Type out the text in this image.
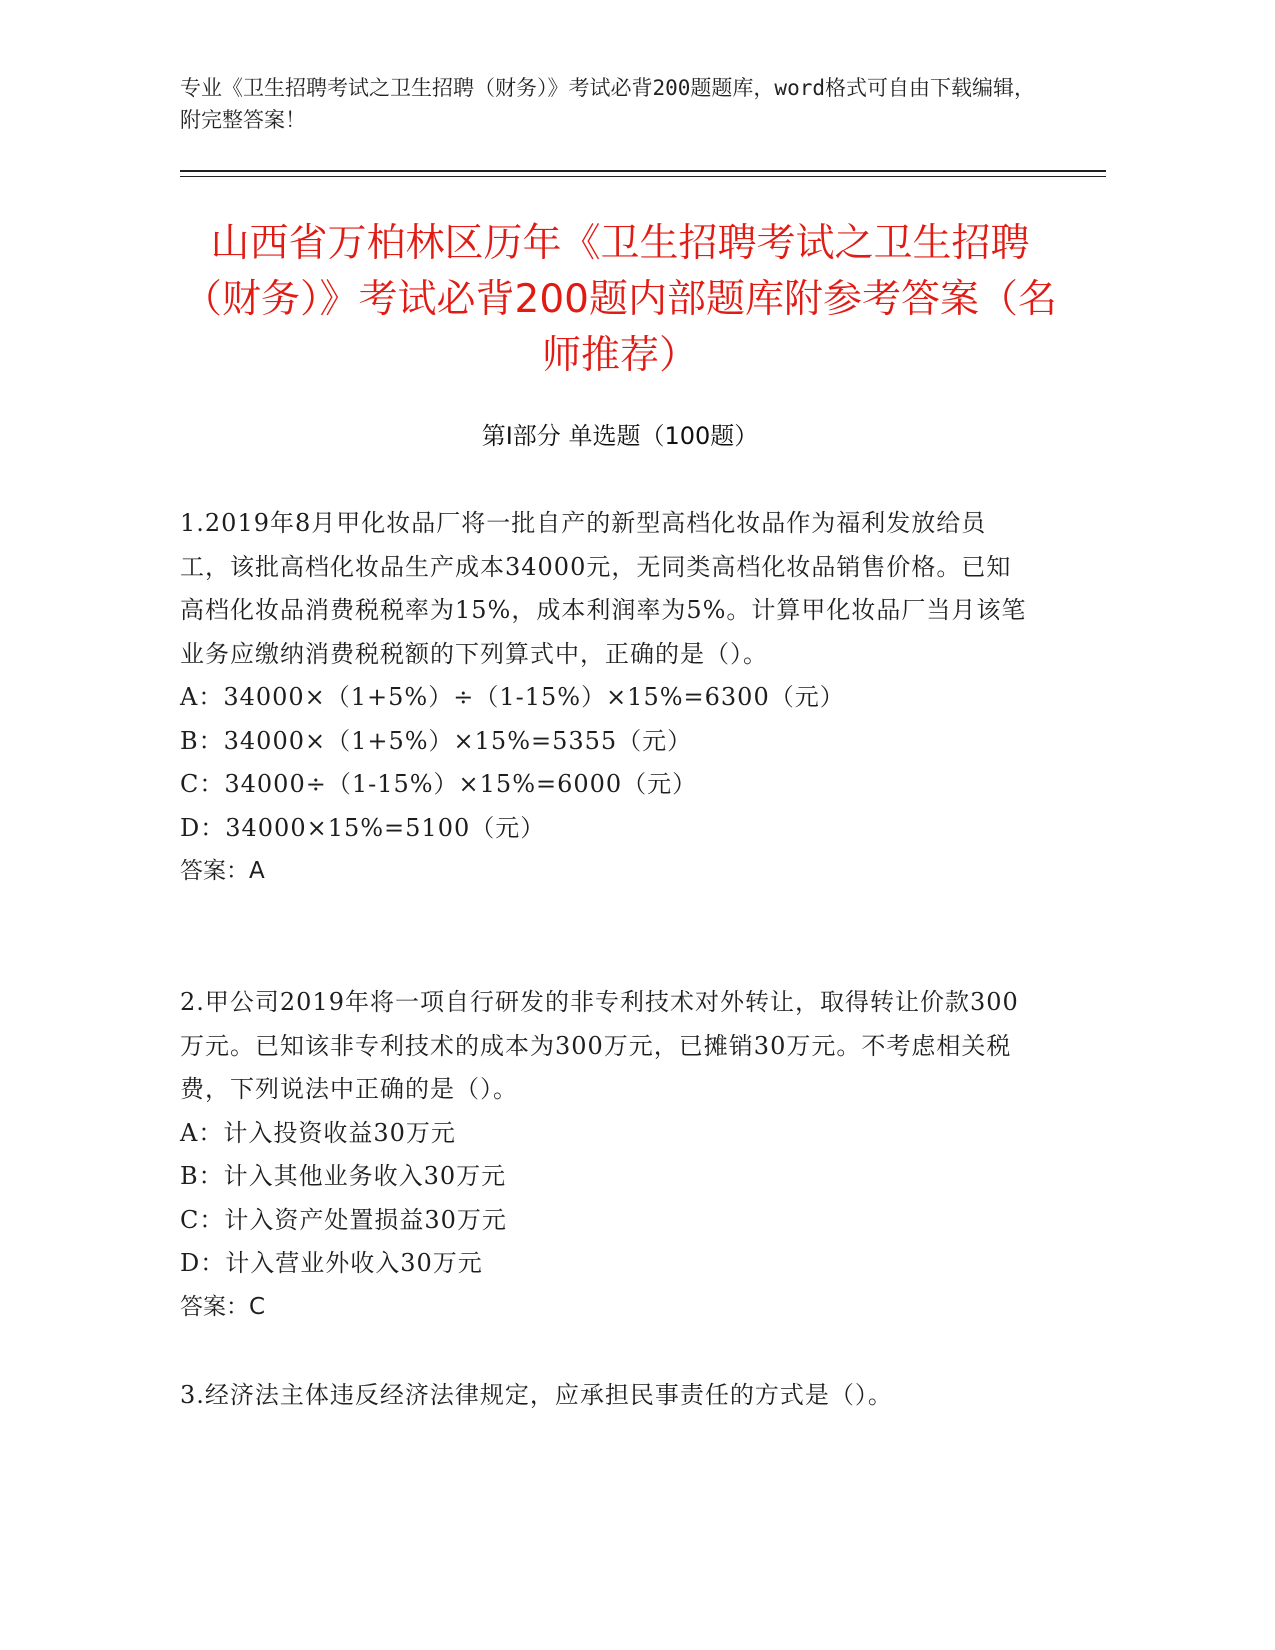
专业《卫生招聘考试之卫生招聘（财务）》考试必背200题题库，word格式可自由下载编辑，附完整答案！
山西省万柏林区历年《卫生招聘考试之卫生招聘（财务）》考试必背200题内部题库附参考答案（名师推荐）
第Ⅰ部分 单选题（100题）

1.2019年8月甲化妆品厂将一批自产的新型高档化妆品作为福利发放给员工，该批高档化妆品生产成本34000元，无同类高档化妆品销售价格。已知高档化妆品消费税税率为15%，成本利润率为5%。计算甲化妆品厂当月该笔业务应缴纳消费税税额的下列算式中，正确的是（）。

A：34000×（1+5%）÷（1-15%）×15%=6300（元）

B：34000×（1+5%）×15%=5355（元）

C：34000÷（1-15%）×15%=6000（元）

D：34000×15%=5100（元）

答案：A

2.甲公司2019年将一项自行研发的非专利技术对外转让，取得转让价款300万元。已知该非专利技术的成本为300万元，已摊销30万元。不考虑相关税费，下列说法中正确的是（）。

A：计入投资收益30万元

B：计入其他业务收入30万元

C：计入资产处置损益30万元

D：计入营业外收入30万元

答案：C

3.经济法主体违反经济法律规定，应承担民事责任的方式是（）。
